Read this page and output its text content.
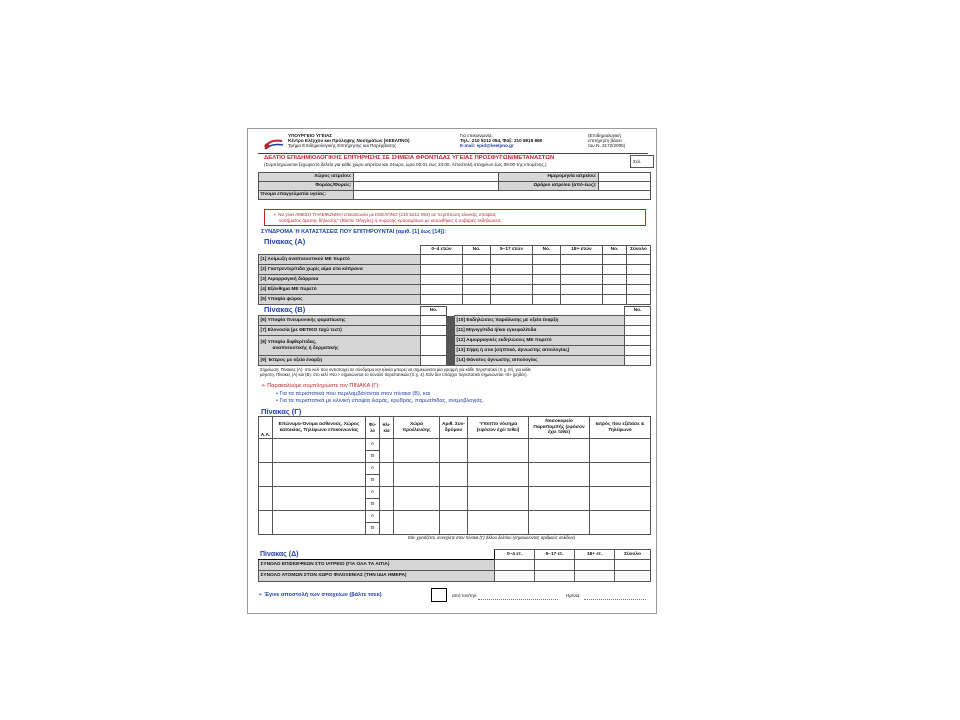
ΥΠΟΥΡΓΕΙΟ ΥΓΕΙΑΣ
Κέντρο Ελέγχου και Πρόληψης Νοσημάτων (ΚΕΕΛΠΝΟ)
Τμήμα Επιδημιολογικής Επιτήρησης και Παρέμβασης
Για επικοινωνία:
Τηλ.: 210 5212 054, Φαξ: 210 8818 868
E-mail: epid@keelpno.gr
(Επιδημιολογική
επιτήρηση βάσει
του Ν. 3172/2005)
ΔΕΛΤΙΟ ΕΠΙΔΗΜΙΟΛΟΓΙΚΗΣ ΕΠΙΤΗΡΗΣΗΣ ΣΕ ΣΗΜΕΙΑ ΦΡΟΝΤΙΔΑΣ ΥΓΕΙΑΣ ΠΡΟΣΦΥΓΩΝ/ΜΕΤΑΝΑΣΤΩΝ
(Συμπληρώνεται ξεχωριστό δελτίο για κάθε χώρο ιατρείου και 24ωρο, ώρα 00:01 έως 24:00. Αποστολή στοιχείων έως 09:00 της επομένης.)
Σελ.
Χώρος ιατρείου:		Ημερομηνία ιατρείου:	
Φορέας/Φορείς:		Ωράριο ιατρείου (από-έως):	
Όνομα επαγγελματία υγείας:			
➢ Να γίνει ΑΜΕΣΗ ΤΗΛΕΦΩΝΙΚΗ επικοινωνία με ΚΕΕΛΠΝΟ (210 5212 054) σε περίπτωση κλινικής υποψίας
νοσήματος άμεσης δήλωσης* (Βλέπε Οδηγίες) ή συρροής κρουσμάτων με ισουνθήκες ή σοβαρές εκδηλώσεις.
ΣΥΝΔΡΟΜΑ Ή ΚΑΤΑΣΤΑΣΕΙΣ ΠΟΥ ΕΠΙΤΗΡΟΥΝΤΑΙ (αριθ. [1] έως [14]):
Πίνακας (Α)
	0–4 ετών	No.	5–17 ετών	No.	18+ ετών	No.	Σύνολο
[1] Λοίμωξη αναπνευστικού ΜΕ πυρετό							
[2] Γαστρεντερίτιδα χωρίς αίμα στα κόπρανα							
[3] Αιμορραγική διάρροια							
[4] Εξάνθημα ΜΕ πυρετό							
[5] Υποψία ψώρας							
Πίνακας (Β)
		No.			No.
[6] Υποψία πνευμονικής φυματίωσης			[10] Εκδηλώσεις παράλυσης με οξεία έναρξη	
[7] Ελονοσία (με ΘΕΤΙΚΟ ταχύ τεστ)			[11] Μηνιγγίτιδα ή/και εγκεφαλίτιδα	

[8] Υποψία διφθερίτιδας,
αναπνευστικής ή δερματικής			[12] Αιμορραγικές εκδηλώσεις ΜΕ πυρετό	
			[13] Σήψη ή σοκ (σηπτικό, άγνωστης αιτιολογίας)	
[9] Ίκτερος με οξεία έναρξη			[14] Θάνατος άγνωστης αιτιολογίας	
Σημείωση: Πίνακας (Α): στο κελί που αντιστοιχεί σε σύνδρομο και ηλικία μπορεί να σημειώνεται μία γραμμή για κάθε περιστατικό (π.χ. ΙΙΙ), για κάθε
μέγιστη. Πίνακες (Α) και (Β): στο κελί «No.» σημειώνεται το σύνολο περιστατικών (π.χ. 4). Εάν δεν υπάρχει περιστατικό σημειώνεται «0» (μηδέν).
➢ Παρακαλούμε συμπληρώστε τον ΠΙΝΑΚΑ (Γ):
• Για τα περιστατικά που περιλαμβάνονται στον πίνακα (Β), και
• Για τα περιστατικά με κλινική υποψία ιλαράς, ερυθράς, παρωτίτιδας, ανεμοβλογιάς.
Πίνακας (Γ)
Α.Α.	Επώνυμο-Όνομα ασθενούς, Χώρος κατοικίας, Τηλέφωνο επικοινωνίας	Φύ-λο	Ηλι-κία	Χώρα προέλευσης	Αριθ. Συν-δρόμου	Ύποπτο νόσημα (εφόσον έχει τεθεί)	Νοσοκομείο Παραπομπής (εφόσον έχει τεθεί)	Ιατρός που εξέτασε & Τηλέφωνο
		Α						
		Θ						
		Α						
		Θ						
		Α						
		Θ						
		Α						
		Θ						
Εάν χρειάζεται, συνεχίστε στον πίνακα (Γ) άλλου δελτίου (σημειώνοντας αριθμούς σελίδων)
Πίνακας (Δ)	0–4 ετ.	5–17 ετ.	18+ ετ.	Σύνολο
ΣΥΝΟΛΟ ΕΠΙΣΚΕΨΕΩΝ ΣΤΟ ΙΑΤΡΕΙΟ (ΓΙΑ ΟΛΑ ΤΑ ΑΙΤΙΑ)				
ΣΥΝΟΛΟ ΑΤΟΜΩΝ ΣΤΟΝ ΧΩΡΟ ΦΙΛΟΞΕΝΙΑΣ (ΤΗΝ ΙΔΙΑ ΗΜΕΡΑ)				
➢ Έγινε αποστολή των στοιχείων (βάλτε τσεκ)	από τον/την:	Ημ/νία:
